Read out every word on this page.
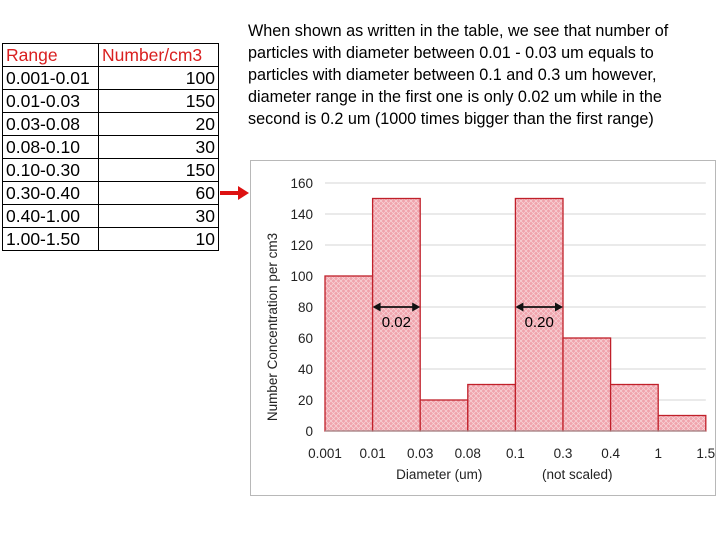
Range	Number/cm3
0.001-0.01	100
0.01-0.03	150
0.03-0.08	20
0.08-0.10	30
0.10-0.30	150
0.30-0.40	60
0.40-1.00	30
1.00-1.50	10
When shown as written in the table, we see that number of particles with diameter between 0.01 - 0.03 um equals to particles with diameter between 0.1 and 0.3 um however, diameter range in the first one is only 0.02 um while in the second is 0.2 um (1000 times bigger than the first range)
0.02	0.20
0
20
40
60
80
100
120
140
160
0.001 0.01 0.03 0.08 0.1 0.3 0.4	1	1.5
Diameter (um)	(not scaled)
Number Concentration per cm3
